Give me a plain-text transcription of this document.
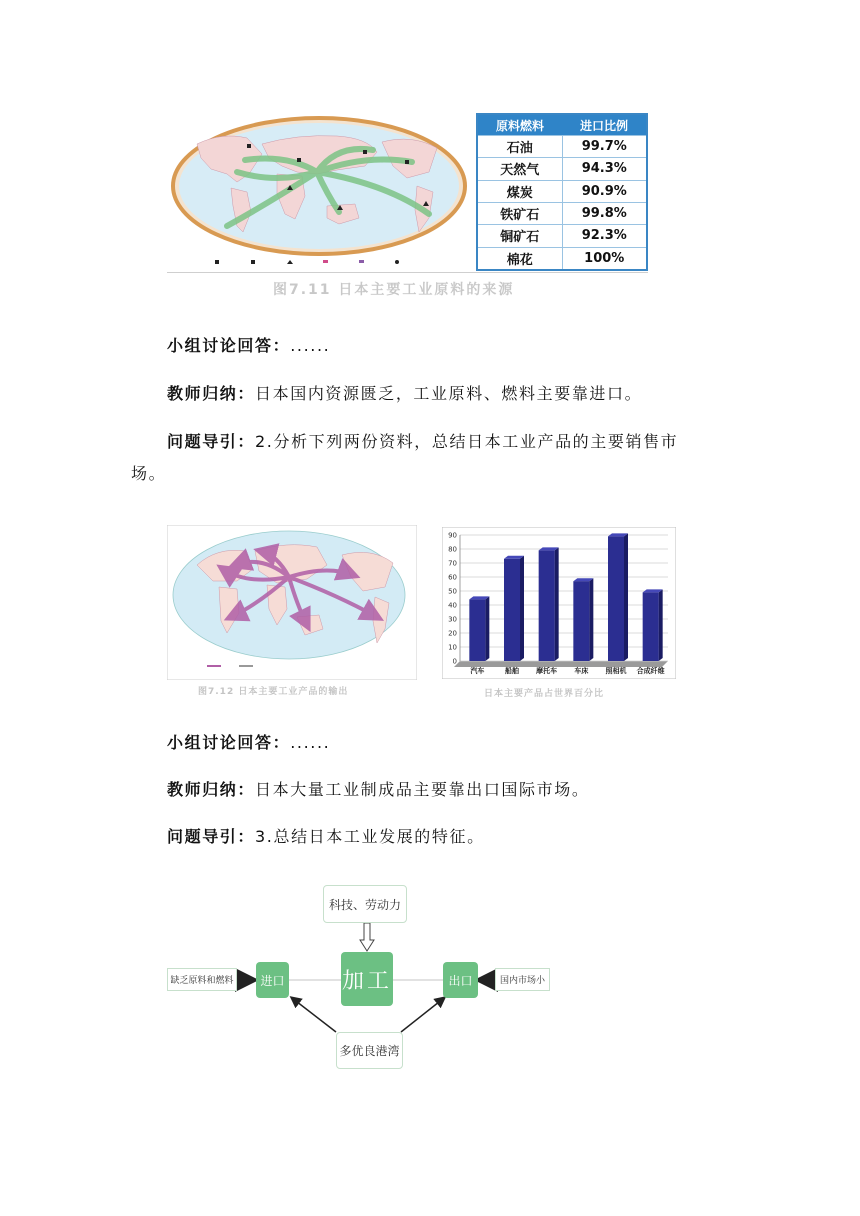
原料燃料	进口比例
石油	99.7%
天然气	94.3%
煤炭	90.9%
铁矿石	99.8%
铜矿石	92.3%
棉花	100%
图7.11 日本主要工业原料的来源
小组讨论回答：......
教师归纳：日本国内资源匮乏，工业原料、燃料主要靠进口。
问题导引：2.分析下列两份资料，总结日本工业产品的主要销售市
场。
0
10
20
30
40
50
60
70
80
90
汽车	船舶 摩托车 车床 照相机 合成纤维
图7.12 日本主要工业产品的输出	日本主要产品占世界百分比
小组讨论回答：......
教师归纳：日本大量工业制成品主要靠出口国际市场。
问题导引：3.总结日本工业发展的特征。
科技、劳动力
加工
进口	出口
缺乏原料和燃料	国内市场小
多优良港湾
